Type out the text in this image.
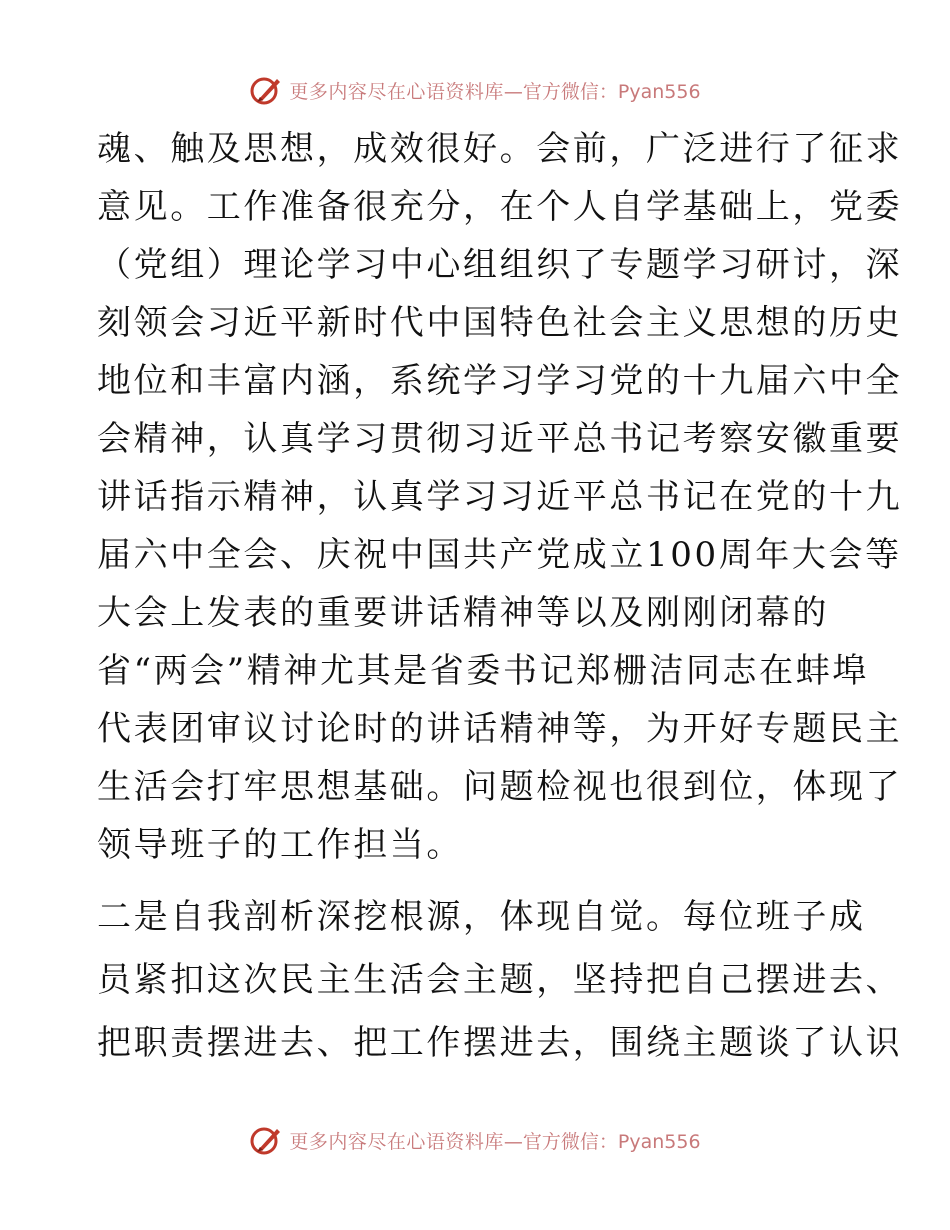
更多内容尽在心语资料库 —官方微信：Pyan556
魂、触及思想，成效很好。会前，广泛进行了征求
意见。工作准备很充分，在个人自学基础上，党委
（党组）理论学习中心组组织了专题学习研讨，深
刻领会习近平新时代中国特色社会主义思想的历史
地位和丰富内涵，系统学习学习党的十九届六中全
会精神，认真学习贯彻习近平总书记考察安徽重要
讲话指示精神，认真学习习近平总书记在党的十九
届六中全会、庆祝中国共产党成立100周年大会等
大会上发表的重要讲话精神等以及刚刚闭幕的
省“两会”精神尤其是省委书记郑栅洁同志在蚌埠
代表团审议讨论时的讲话精神等，为开好专题民主
生活会打牢思想基础。问题检视也很到位，体现了
领导班子的工作担当。
二是自我剖析深挖根源，体现自觉。每位班子成
员紧扣这次民主生活会主题，坚持把自己摆进去、
把职责摆进去、把工作摆进去，围绕主题谈了认识
更多内容尽在心语资料库 —官方微信：Pyan556
